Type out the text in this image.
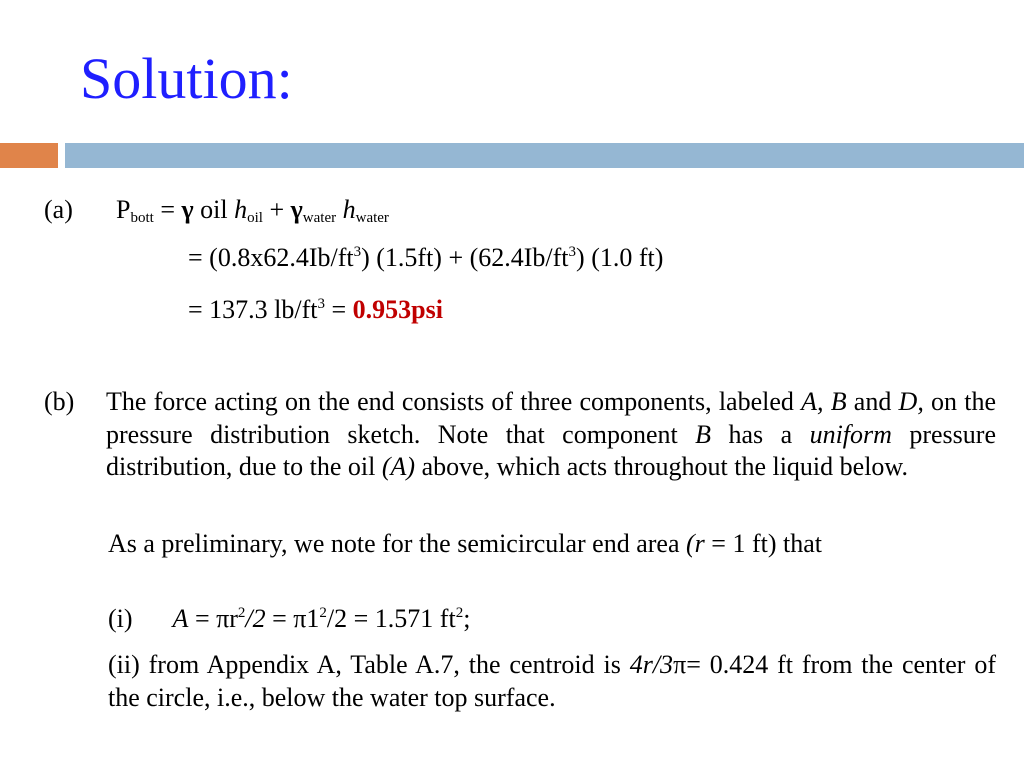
Solution:
(a) $P_{bott} = \gamma$ oil $h_{oil} + \gamma_{water}$ $h_{water}$
= $(0.8x62.4Ib/ft^3) (1.5ft) + (62.4Ib/ft^3)$ (1.0 ft)
= 137.3 $lb/ft^3 = 0.953psi$
(b) The force acting on the end consists of three components, labeled A, B and D, on the pressure distribution sketch. Note that component B has a uniform pressure distribution, due to the oil (A) above, which acts throughout the liquid below.
As a preliminary, we note for the semicircular end area (r = 1 ft) that
(i) $A = \pi r^2/2 = \pi 1^2/2 = 1.571$ $ft^2$;
(ii) from Appendix A, Table A.7, the centroid is 4r/3π= 0.424 ft from the center of the circle, i.e., below the water top surface.
